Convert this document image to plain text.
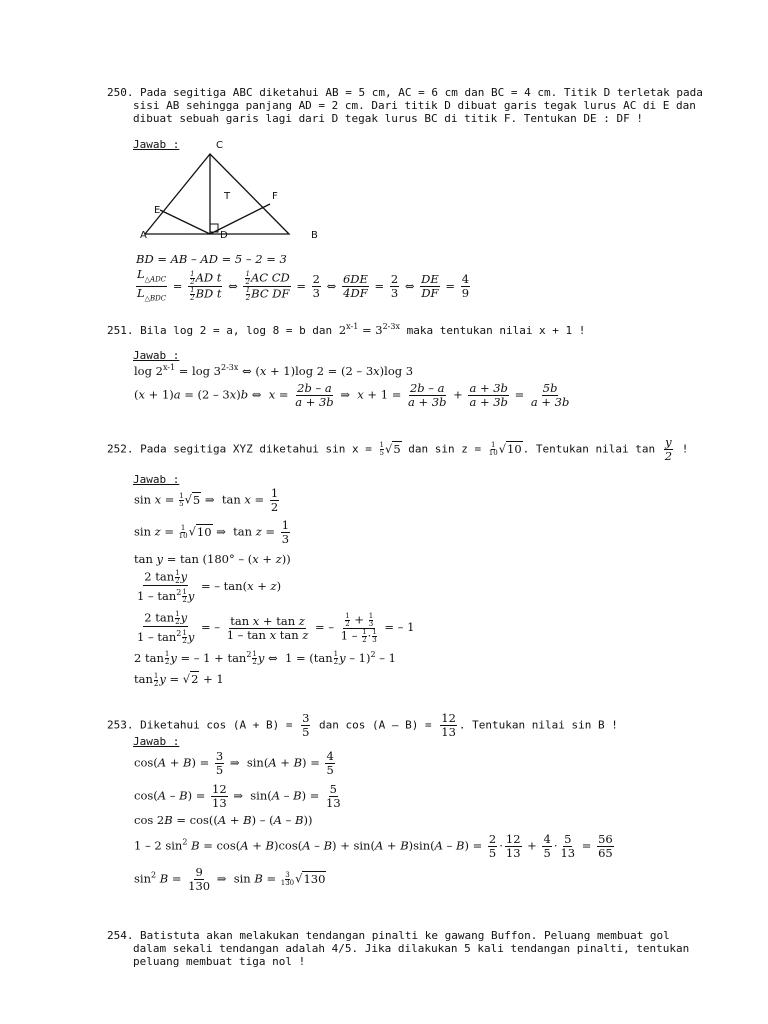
250. Pada segitiga ABC diketahui AB = 5 cm, AC = 6 cm dan BC = 4 cm. Titik D terletak pada
sisi AB sehingga panjang AD = 2 cm. Dari titik D dibuat garis tegak lurus AC di E dan
dibuat sebuah garis lagi dari D tegak lurus BC di titik F. Tentukan DE : DF !
Jawab :	C
T	F
E
A	D	B
BD = AB – AD = 5 – 2 = 3
$\frac{L_{\triangle ADC}}{L_{\triangle BDC}} = \frac{\frac{1}{2} AD t}{\frac{1}{2} BD t}$ ⇔ $\frac{\frac{1}{2} AC CD}{\frac{1}{2} BC DF} = \frac{2}{3}$ ⇔ $\frac{6DE}{4DF} = \frac{2}{3}$ ⇔ $\frac{DE}{DF} = \frac{4}{9}$
251. Bila log 2 = a, log 8 = b dan $2^{x-1} = 3^{2-3x}$ maka tentukan nilai x + 1 !
Jawab :
$\log 2^{x-1} = \log 3^{2-3x}$ ⇔ (x + 1)log 2 = (2 – 3x)log 3
(x + 1)a = (2 – 3x)b ⇔  $x = \frac{2b - a}{a + 3b}$ ⇒  $x + 1 = \frac{2b - a}{a + 3b} + \frac{a + 3b}{a + 3b} = \frac{5b}{a + 3b}$
252. Pada segitiga XYZ diketahui $\sin x = \frac{1}{5} √5$ dan $\sin z = \frac{1}{10} √10$. Tentukan nilai $\tan \frac{y}{2}$ !
Jawab :
$\sin x = \frac{1}{5} √5$ ⇒  $\tan x = \frac{1}{2}$
$\sin z = \frac{1}{10} √10$ ⇒  $\tan z = \frac{1}{3}$
tan y = tan (180° – (x + z))
$\frac{2 \tan \frac{1}{2} y}{1 - \tan^2 \frac{1}{2} y}$ = – tan(x + z)
$\frac{2 \tan \frac{1}{2} y}{1 - \tan^2 \frac{1}{2} y}$ = – $\frac{\text{tan x + tan z}}{\text{1 – tan x tan z}}$ = – $\frac{\frac{1}{2} + \frac{1}{3}}{1 - \frac{1}{2} \cdot \frac{1}{3}}$ = – 1
2 $\tan \frac{1}{2}$ y = – $1 + \tan^2 \frac{1}{2}$ y ⇔  $1 = (\tan \frac{1}{2}$ y – 1)$^2$ – 1
$\tan \frac{1}{2}$ y = √2 + 1
253. Diketahui $\cos (A + B) = \frac{3}{5}$ dan $\cos (A - B) = \frac{12}{13}$ . Tentukan nilai sin B !
Jawab :
$\cos(A + B) = \frac{3}{5}$ ⇒  $\sin(A + B) = \frac{4}{5}$
$\cos(A - B) = \frac{12}{13}$ ⇒  $\sin(A - B) = \frac{5}{13}$
cos 2B = cos((A + B) – (A – B))
1 – 2 $\sin^2 B = \cos(A + B)\cos(A - B) + \sin(A + B)\sin(A - B) = \frac{2}{5} \cdot \frac{12}{13} + \frac{4}{5} \cdot \frac{5}{13} = \frac{56}{65}$
$\sin^2 B = \frac{9}{130}$ ⇒  $\sin B = \frac{3}{130} √130$
254. Batistuta akan melakukan tendangan pinalti ke gawang Buffon. Peluang membuat gol
dalam sekali tendangan adalah 4/5. Jika dilakukan 5 kali tendangan pinalti, tentukan
peluang membuat tiga nol !
